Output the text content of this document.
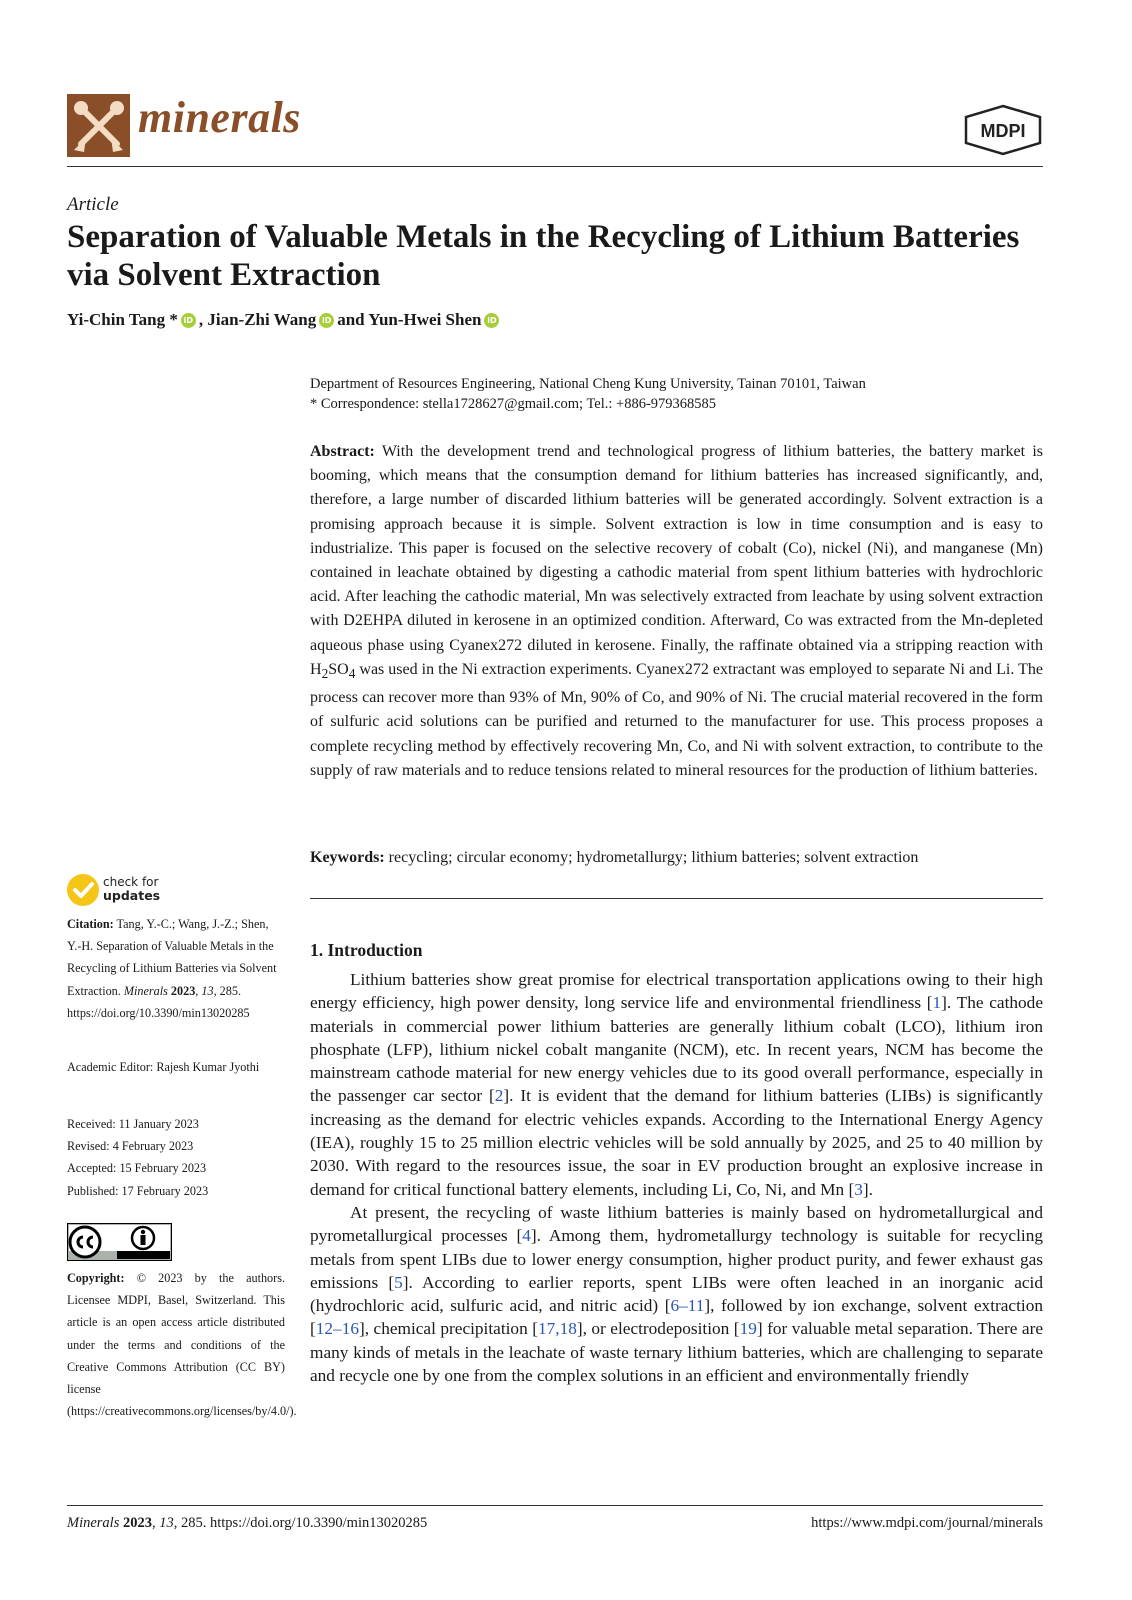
minerals	MDPI
Article
Separation of Valuable Metals in the Recycling of Lithium Batteries via Solvent Extraction
Yi-Chin Tang * iD , Jian-Zhi Wang iD and Yun-Hwei Shen iD
Department of Resources Engineering, National Cheng Kung University, Tainan 70101, Taiwan
* Correspondence: stella1728627@gmail.com; Tel.: +886-979368585
Abstract: With the development trend and technological progress of lithium batteries, the battery market is booming, which means that the consumption demand for lithium batteries has increased significantly, and, therefore, a large number of discarded lithium batteries will be generated accordingly. Solvent extraction is a promising approach because it is simple. Solvent extraction is low in time consumption and is easy to industrialize. This paper is focused on the selective recovery of cobalt (Co), nickel (Ni), and manganese (Mn) contained in leachate obtained by digesting a cathodic material from spent lithium batteries with hydrochloric acid. After leaching the cathodic material, Mn was selectively extracted from leachate by using solvent extraction with D2EHPA diluted in kerosene in an optimized condition. Afterward, Co was extracted from the Mn-depleted aqueous phase using Cyanex272 diluted in kerosene. Finally, the raffinate obtained via a stripping reaction with $H_2SO_4$ was used in the Ni extraction experiments. Cyanex272 extractant was employed to separate Ni and Li. The process can recover more than 93% of Mn, 90% of Co, and 90% of Ni. The crucial material recovered in the form of sulfuric acid solutions can be purified and returned to the manufacturer for use. This process proposes a complete recycling method by effectively recovering Mn, Co, and Ni with solvent extraction, to contribute to the supply of raw materials and to reduce tensions related to mineral resources for the production of lithium batteries.
Keywords: recycling; circular economy; hydrometallurgy; lithium batteries; solvent extraction
check for
updates
Citation: Tang, Y.-C.; Wang, J.-Z.; Shen, Y.-H. Separation of Valuable Metals in the Recycling of Lithium Batteries via Solvent Extraction. Minerals 2023, 13, 285. https://doi.org/10.3390/min13020285
Academic Editor: Rajesh Kumar Jyothi
Received: 11 January 2023
Revised: 4 February 2023
Accepted: 15 February 2023
Published: 17 February 2023
Copyright: © 2023 by the authors. Licensee MDPI, Basel, Switzerland. This article is an open access article distributed under the terms and conditions of the Creative Commons Attribution (CC BY) license (https://creativecommons.org/licenses/by/4.0/).
1. Introduction

Lithium batteries show great promise for electrical transportation applications owing to their high energy efficiency, high power density, long service life and environmental friendliness [1]. The cathode materials in commercial power lithium batteries are generally lithium cobalt (LCO), lithium iron phosphate (LFP), lithium nickel cobalt manganite (NCM), etc. In recent years, NCM has become the mainstream cathode material for new energy vehicles due to its good overall performance, especially in the passenger car sector [2]. It is evident that the demand for lithium batteries (LIBs) is significantly increasing as the demand for electric vehicles expands. According to the International Energy Agency (IEA), roughly 15 to 25 million electric vehicles will be sold annually by 2025, and 25 to 40 million by 2030. With regard to the resources issue, the soar in EV production brought an explosive increase in demand for critical functional battery elements, including Li, Co, Ni, and Mn [3].

At present, the recycling of waste lithium batteries is mainly based on hydrometallurgical and pyrometallurgical processes [4]. Among them, hydrometallurgy technology is suitable for recycling metals from spent LIBs due to lower energy consumption, higher product purity, and fewer exhaust gas emissions [5]. According to earlier reports, spent LIBs were often leached in an inorganic acid (hydrochloric acid, sulfuric acid, and nitric acid) [6–11], followed by ion exchange, solvent extraction [12–16], chemical precipitation [17,18], or electrodeposition [19] for valuable metal separation. There are many kinds of metals in the leachate of waste ternary lithium batteries, which are challenging to separate and recycle one by one from the complex solutions in an efficient and environmentally friendly

Minerals 2023, 13, 285. https://doi.org/10.3390/min13020285	https://www.mdpi.com/journal/minerals
